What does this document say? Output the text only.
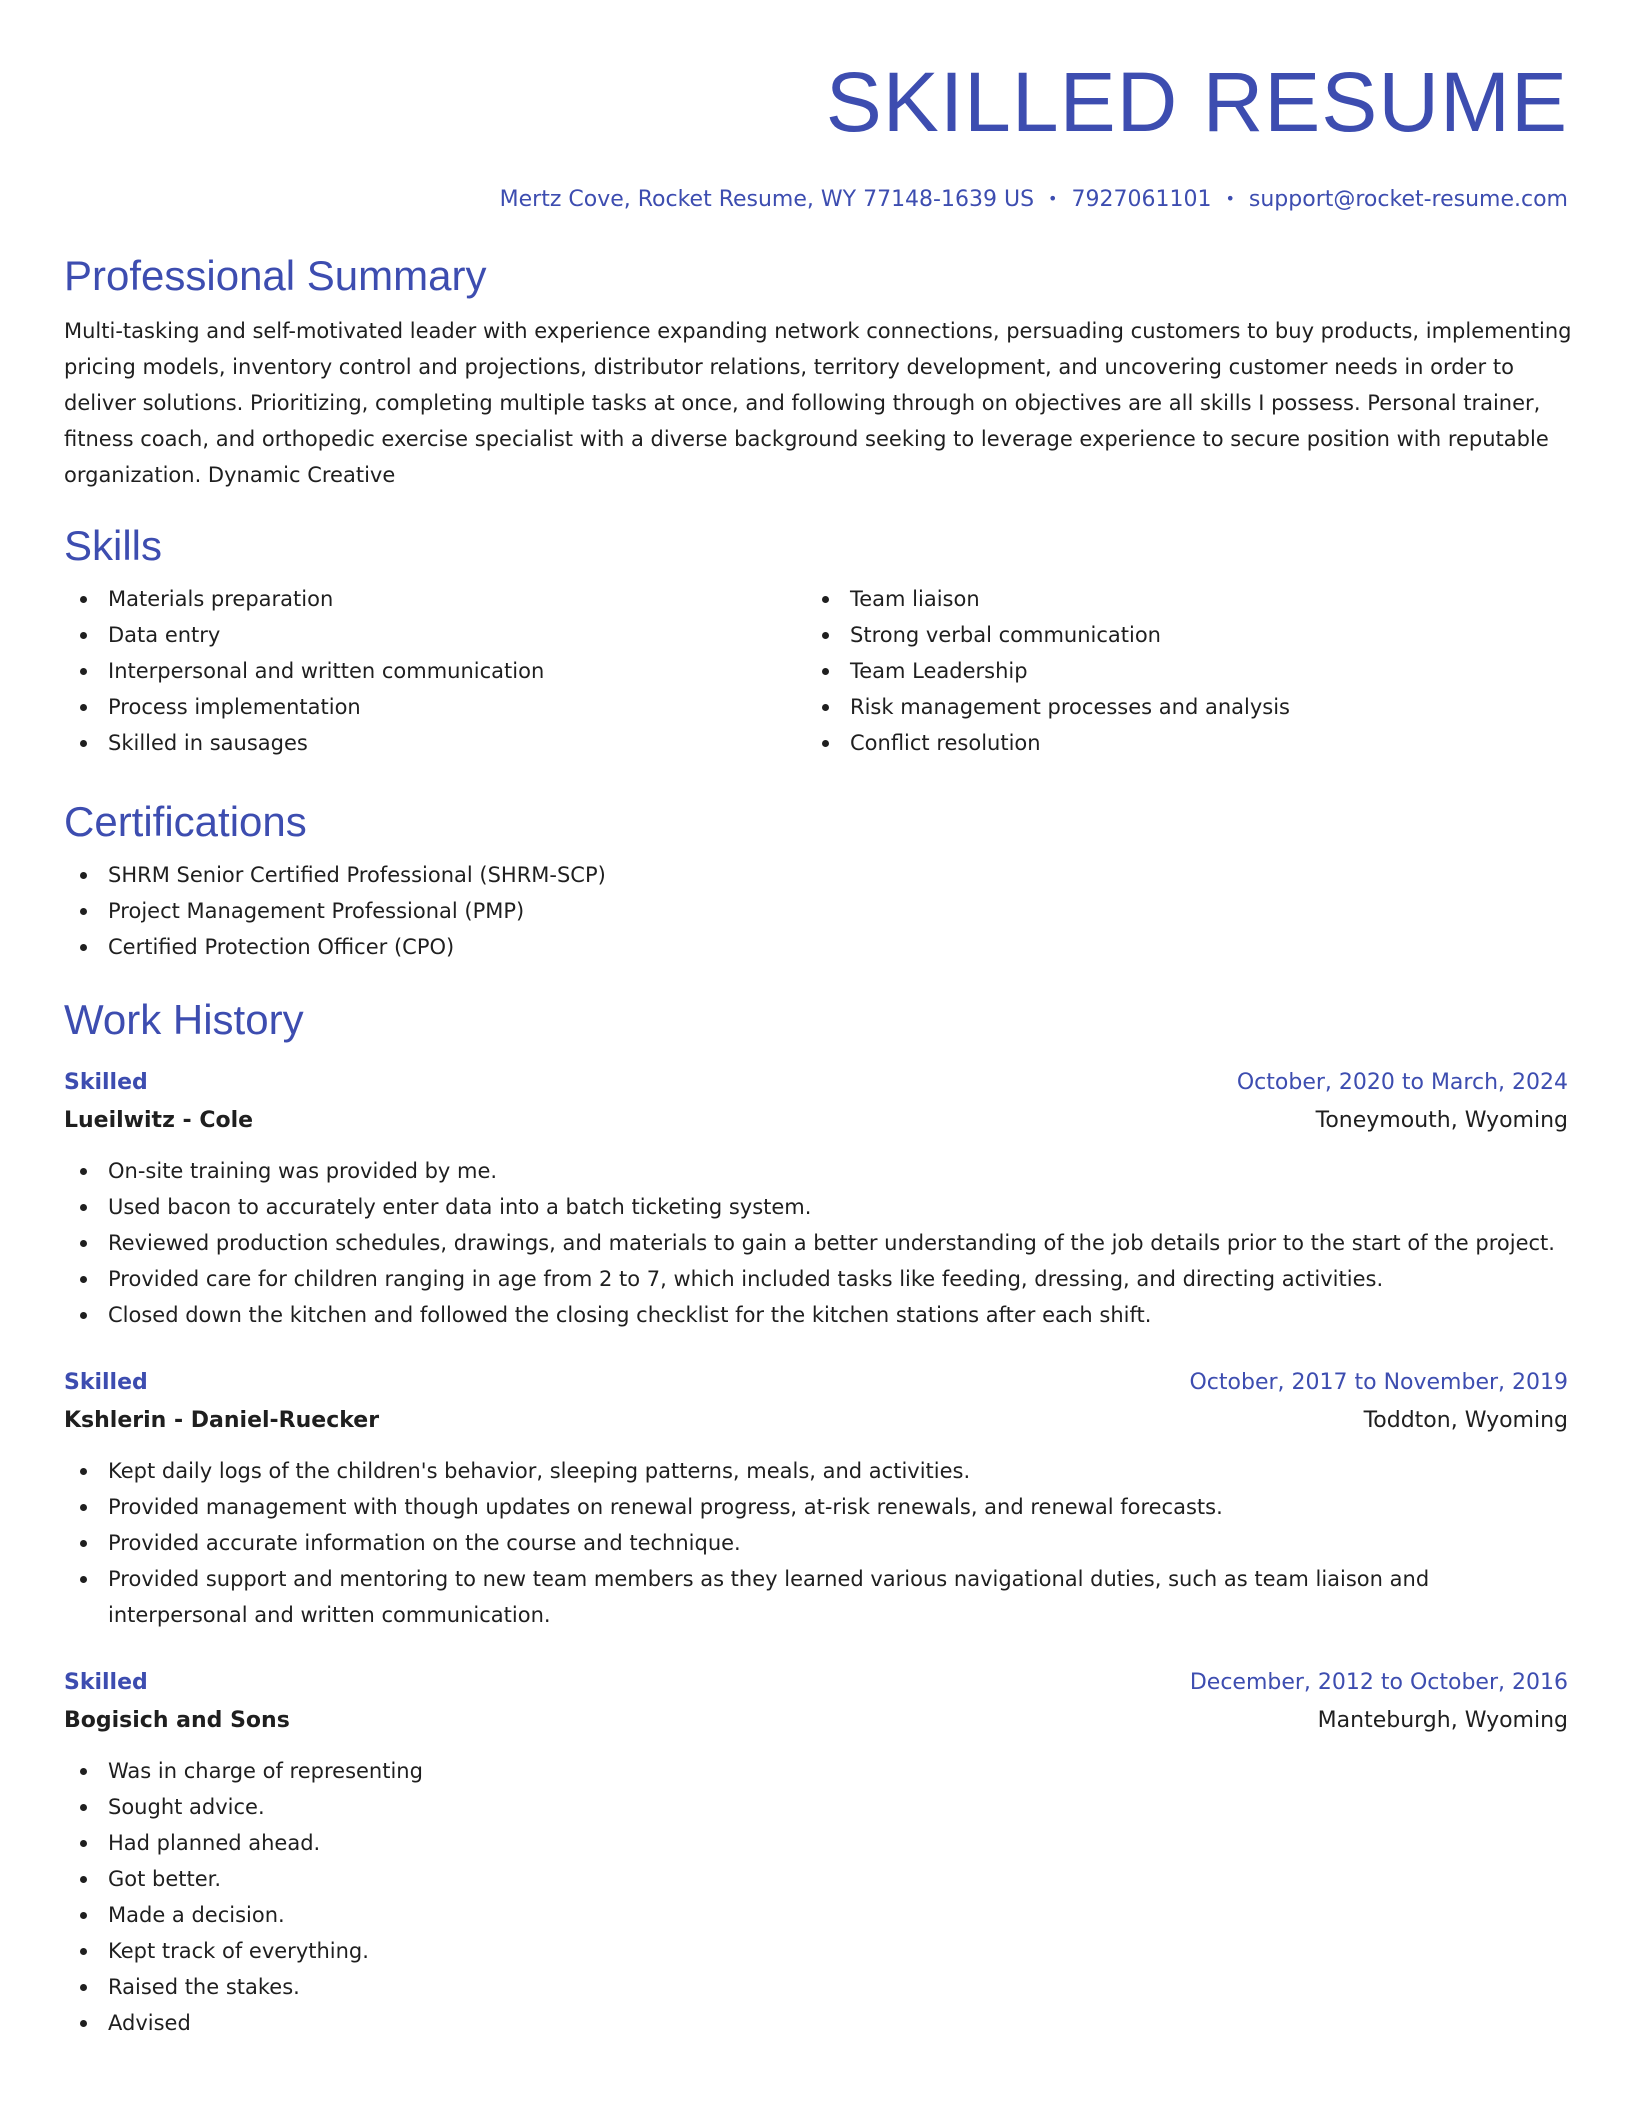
SKILLED RESUME
Mertz Cove, Rocket Resume, WY 77148-1639 US • 7927061101 • support@rocket-resume.com
Professional Summary

Multi-tasking and self-motivated leader with experience expanding network connections, persuading customers to buy products, implementing pricing models, inventory control and projections, distributor relations, territory development, and uncovering customer needs in order to deliver solutions. Prioritizing, completing multiple tasks at once, and following through on objectives are all skills I possess. Personal trainer, fitness coach, and orthopedic exercise specialist with a diverse background seeking to leverage experience to secure position with reputable organization. Dynamic Creative

Skills
Materials preparation
Data entry
Interpersonal and written communication
Process implementation
Skilled in sausages
Team liaison
Strong verbal communication
Team Leadership
Risk management processes and analysis
Conflict resolution
Certifications
SHRM Senior Certified Professional (SHRM-SCP)
Project Management Professional (PMP)
Certified Protection Officer (CPO)
Work History
Skilled	October, 2020 to March, 2024
Lueilwitz - Cole	Toneymouth, Wyoming
On-site training was provided by me.
Used bacon to accurately enter data into a batch ticketing system.
Reviewed production schedules, drawings, and materials to gain a better understanding of the job details prior to the start of the project.
Provided care for children ranging in age from 2 to 7, which included tasks like feeding, dressing, and directing activities.
Closed down the kitchen and followed the closing checklist for the kitchen stations after each shift.
Skilled	October, 2017 to November, 2019
Kshlerin - Daniel-Ruecker	Toddton, Wyoming
Kept daily logs of the children's behavior, sleeping patterns, meals, and activities.
Provided management with though updates on renewal progress, at-risk renewals, and renewal forecasts.
Provided accurate information on the course and technique.
Provided support and mentoring to new team members as they learned various navigational duties, such as team liaison and interpersonal and written communication.
Skilled	December, 2012 to October, 2016
Bogisich and Sons	Manteburgh, Wyoming
Was in charge of representing
Sought advice.
Had planned ahead.
Got better.
Made a decision.
Kept track of everything.
Raised the stakes.
Advised
